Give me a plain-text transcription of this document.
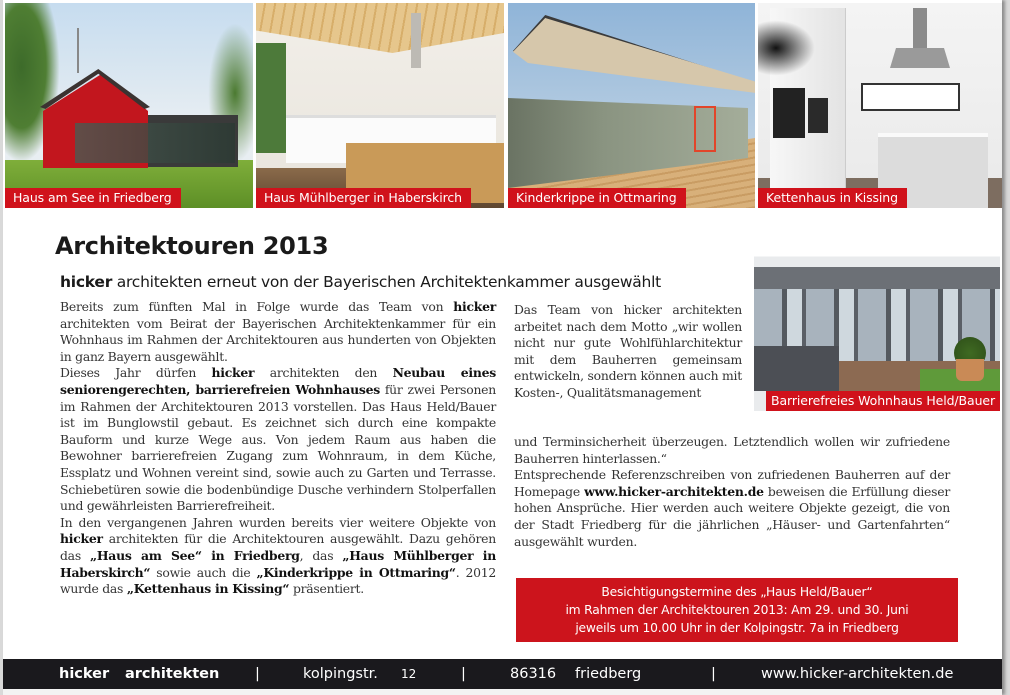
Haus am See in Friedberg	Haus Mühlberger in Haberskirch	Kinderkrippe in Ottmaring	Kettenhaus in Kissing
Architektouren 2013
hicker architekten erneut von der Bayerischen Architektenkammer ausgewählt

Bereits zum fünften Mal in Folge wurde das Team von hicker architekten vom Beirat der Bayerischen Architektenkammer für ein Wohnhaus im Rahmen der Architektouren aus hunderten von Objekten in ganz Bayern ausgewählt.

Dieses Jahr dürfen hicker architekten den Neubau eines seniorengerechten, barrierefreien Wohnhauses für zwei Personen im Rahmen der Architektouren 2013 vorstellen. Das Haus Held/Bauer ist im Bunglowstil gebaut. Es zeichnet sich durch eine kompakte Bauform und kurze Wege aus. Von jedem Raum aus haben die Bewohner barrierefreien Zugang zum Wohnraum, in dem Küche, Essplatz und Wohnen vereint sind, sowie auch zu Garten und Terrasse. Schiebetüren sowie die bodenbündige Dusche verhindern Stolperfallen und gewährleisten Barrierefreiheit.

In den vergangenen Jahren wurden bereits vier weitere Objekte von hicker architekten für die Architektouren ausgewählt. Dazu gehören das „Haus am See“ in Friedberg, das „Haus Mühlberger in Haberskirch“ sowie auch die „Kinderkrippe in Ottmaring“. 2012 wurde das „Kettenhaus in Kissing“ präsentiert.

Das Team von hicker architekten arbeitet nach dem Motto „wir wollen nicht nur gute Wohlfühlarchitektur mit dem Bauherren gemeinsam entwickeln, sondern können auch mit Kosten-, Qualitätsmanagement

und Terminsicherheit überzeugen. Letztendlich wollen wir zufriedene Bauherren hinterlassen.“

Entsprechende Referenzschreiben von zufriedenen Bauherren auf der Homepage www.hicker-architekten.de beweisen die Erfüllung dieser hohen Ansprüche. Hier werden auch weitere Objekte gezeigt, die von der Stadt Friedberg für die jährlichen „Häuser- und Gartenfahrten“ ausgewählt wurden.

Barrierefreies Wohnhaus Held/Bauer
Besichtigungstermine des „Haus Held/Bauer“
im Rahmen der Architektouren 2013: Am 29. und 30. Juni
jeweils um 10.00 Uhr in der Kolpingstr. 7a in Friedberg
hicker architekten |	kolpingstr. 12	|	86316 friedberg	|	www.hicker-architekten.de
